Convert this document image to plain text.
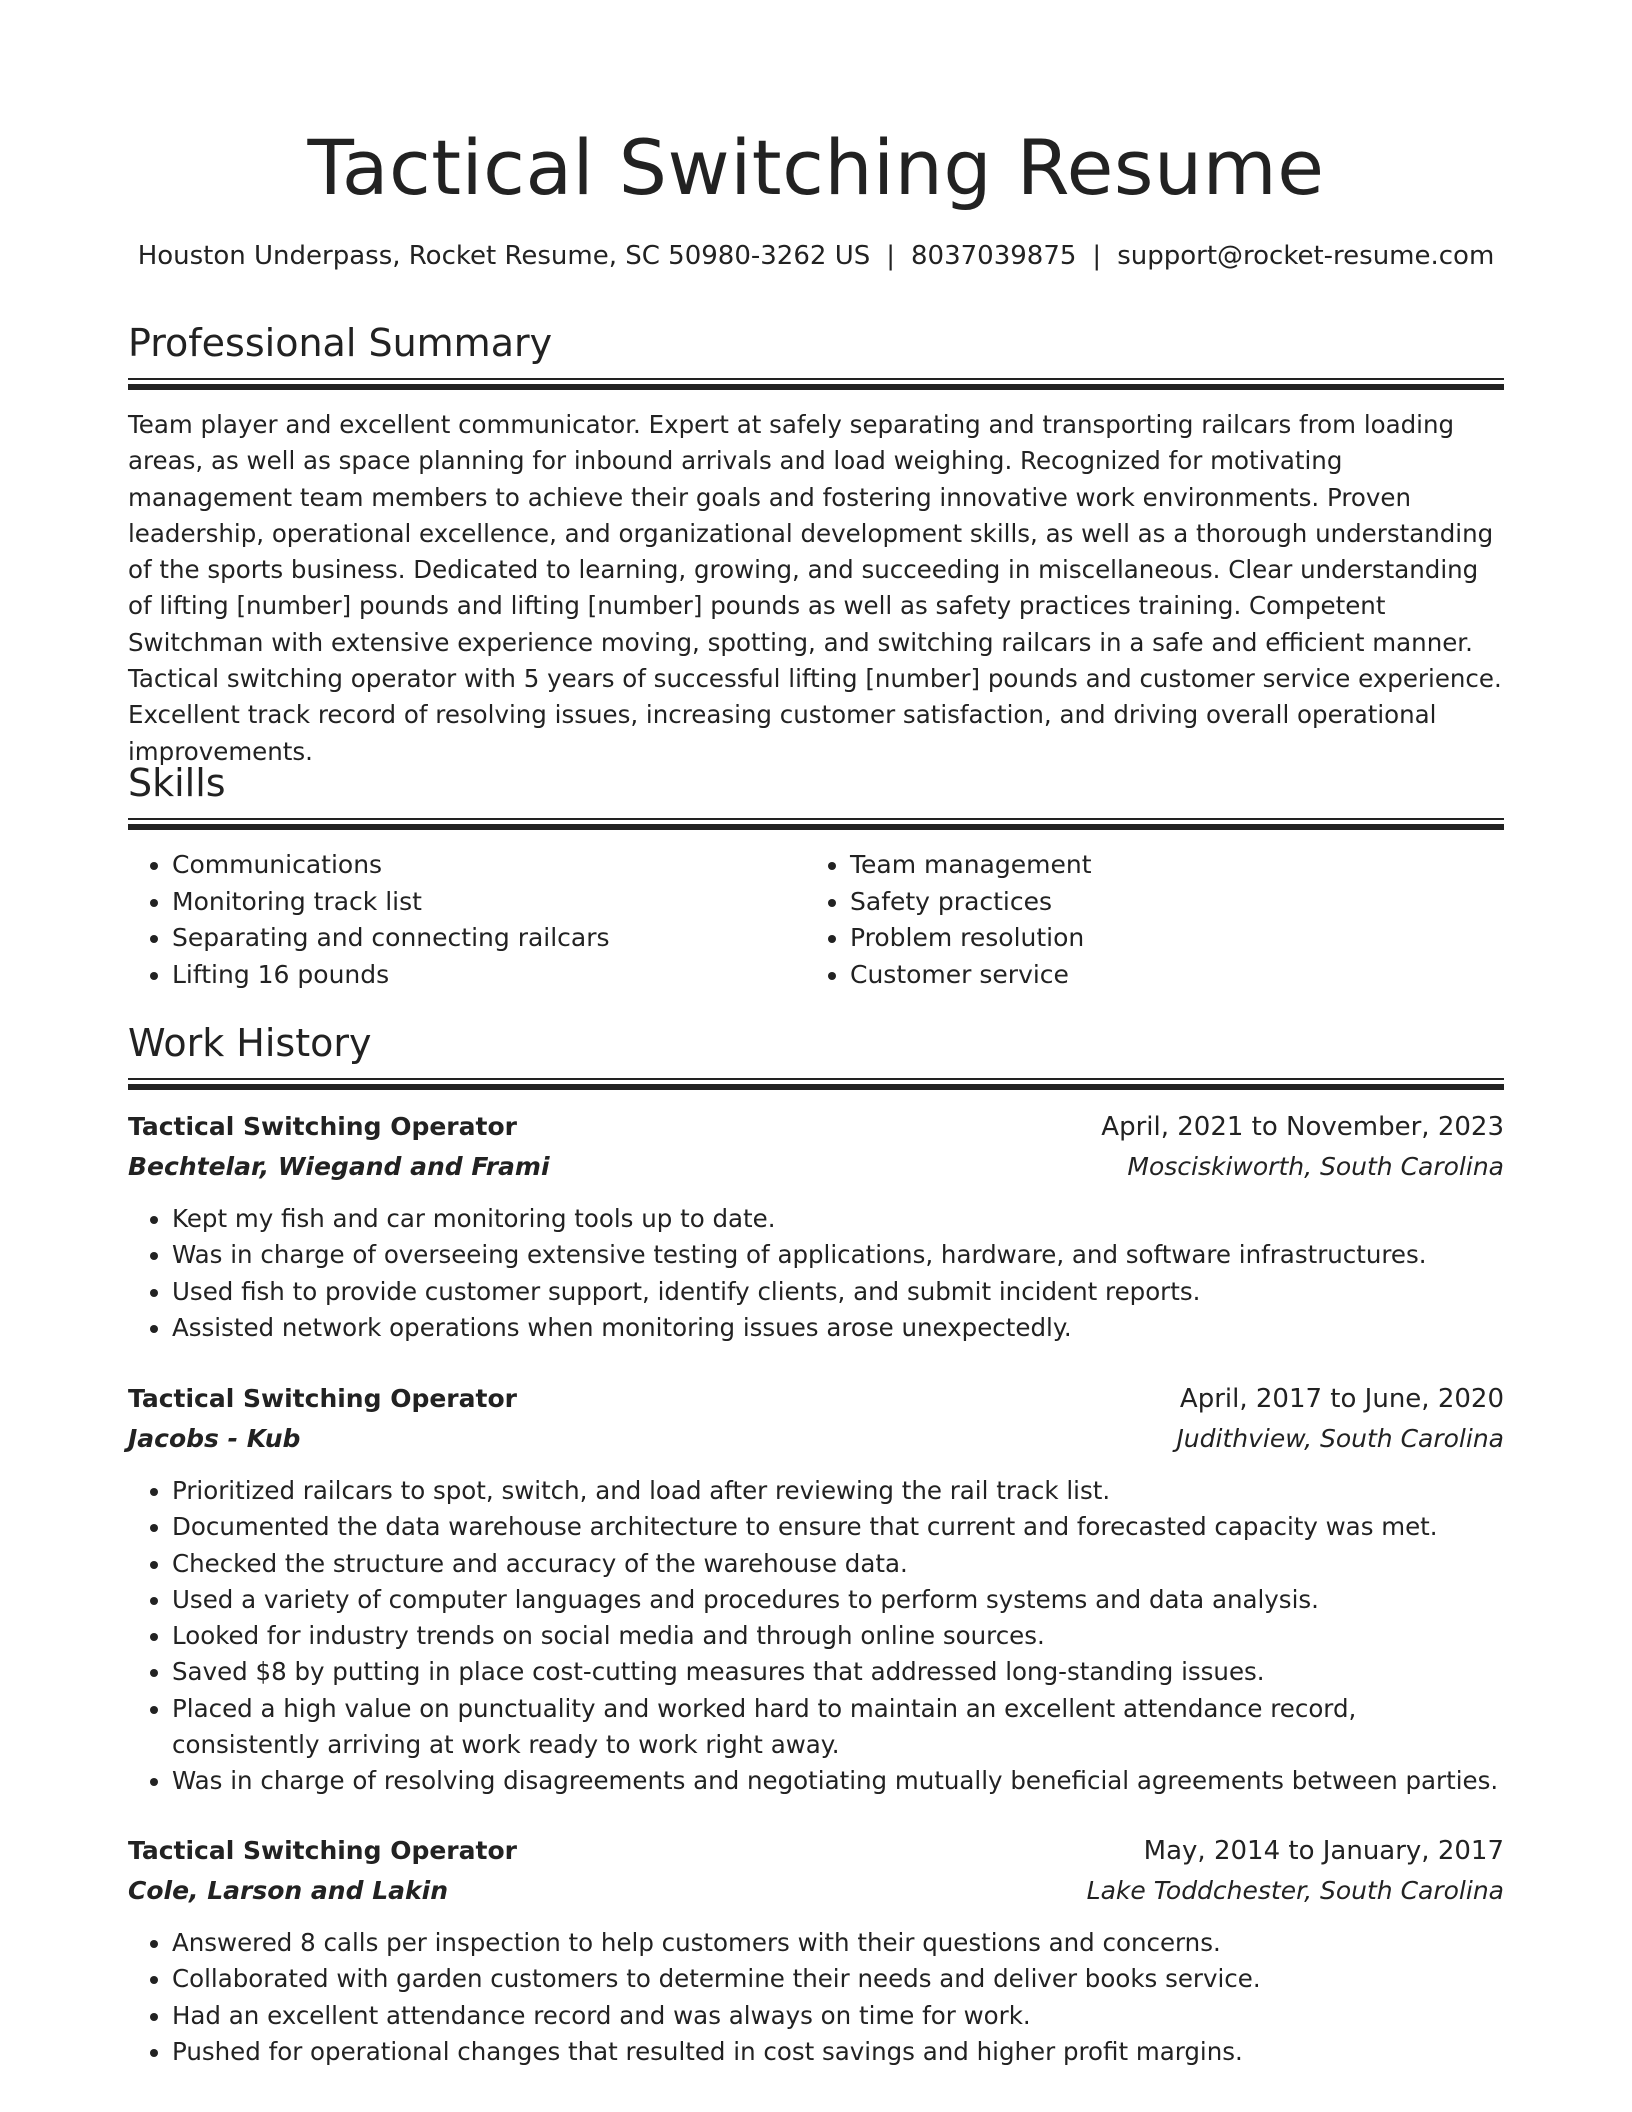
Tactical Switching Resume
Houston Underpass, Rocket Resume, SC 50980-3262 US | 8037039875 | support@rocket-resume.com
Professional Summary

Team player and excellent communicator. Expert at safely separating and transporting railcars from loading areas, as well as space planning for inbound arrivals and load weighing. Recognized for motivating management team members to achieve their goals and fostering innovative work environments. Proven leadership, operational excellence, and organizational development skills, as well as a thorough understanding of the sports business. Dedicated to learning, growing, and succeeding in miscellaneous. Clear understanding of lifting [number] pounds and lifting [number] pounds as well as safety practices training. Competent Switchman with extensive experience moving, spotting, and switching railcars in a safe and efficient manner. Tactical switching operator with 5 years of successful lifting [number] pounds and customer service experience. Excellent track record of resolving issues, increasing customer satisfaction, and driving overall operational improvements.

Skills
• Communications
• Monitoring track list
• Separating and connecting railcars
• Lifting 16 pounds
• Team management
• Safety practices
• Problem resolution
• Customer service
Work History
Tactical Switching Operator	April, 2021 to November, 2023
Bechtelar, Wiegand and Frami	Mosciskiworth, South Carolina
• Kept my fish and car monitoring tools up to date.
• Was in charge of overseeing extensive testing of applications, hardware, and software infrastructures.
• Used fish to provide customer support, identify clients, and submit incident reports.
• Assisted network operations when monitoring issues arose unexpectedly.
Tactical Switching Operator	April, 2017 to June, 2020
Jacobs - Kub	Judithview, South Carolina
• Prioritized railcars to spot, switch, and load after reviewing the rail track list.
• Documented the data warehouse architecture to ensure that current and forecasted capacity was met.
• Checked the structure and accuracy of the warehouse data.
• Used a variety of computer languages and procedures to perform systems and data analysis.
• Looked for industry trends on social media and through online sources.
• Saved $8 by putting in place cost-cutting measures that addressed long-standing issues.
• Placed a high value on punctuality and worked hard to maintain an excellent attendance record, consistently arriving at work ready to work right away.
• Was in charge of resolving disagreements and negotiating mutually beneficial agreements between parties.
Tactical Switching Operator	May, 2014 to January, 2017
Cole, Larson and Lakin	Lake Toddchester, South Carolina
• Answered 8 calls per inspection to help customers with their questions and concerns.
• Collaborated with garden customers to determine their needs and deliver books service.
• Had an excellent attendance record and was always on time for work.
• Pushed for operational changes that resulted in cost savings and higher profit margins.
